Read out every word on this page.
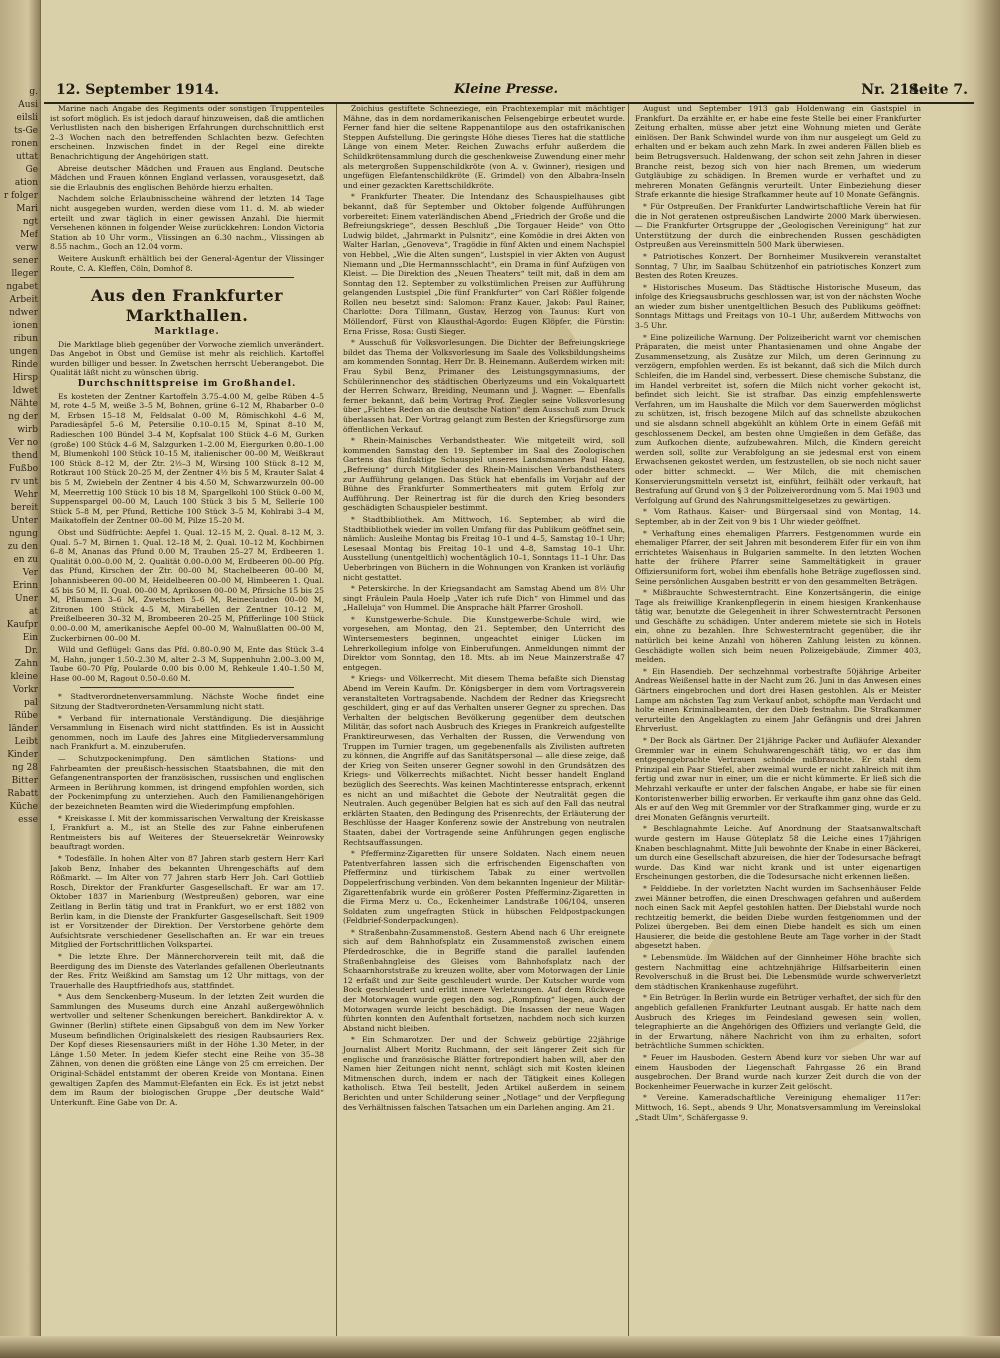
g.
Ausi
eilsli
ts-Ge
ronen
uttat
Ge
ation
r folger
Mari
ngt
Mef
verw
sener
lleger
ngabet
Arbeit
ndwer
ionen
ribun
ungen
Rinde
Hirsp
ldwet
Nähte
ng der
wirb
Ver no
thend
Fußbo
rv unt
Wehr
bereit
Unter
ngung
zu den
en zu
Ver
Erinn
Uner
at
Kaufpr
Ein
Dr.
Zahn
kleine
Vorkr
pal
Rübe
länder
Leibt
Kinder
ng 28
Bitter
Rabatt
Küche
esse
12. September 1914.	Kleine Presse.	Nr. 214.
Seite 7.

Marine nach Angabe des Regiments oder sonstigen Truppenteiles ist sofort möglich. Es ist jedoch darauf hinzuweisen, daß die amtlichen Verlustlisten nach den bisherigen Erfahrungen durchschnittlich erst 2–3 Wochen nach den betreffenden Schlachten bezw. Gefechten erscheinen. Inzwischen findet in der Regel eine direkte Benachrichtigung der Angehörigen statt.

Abreise deutscher Mädchen und Frauen aus England. Deutsche Mädchen und Frauen können England verlassen, vorausgesetzt, daß sie die Erlaubnis des englischen Behörde hierzu erhalten.

Nachdem solche Erlaubnisscheine während der letzten 14 Tage nicht ausgegeben wurden, werden diese vom 11. d. M. ab wieder erteilt und zwar täglich in einer gewissen Anzahl. Die hiermit Versehenen können in folgender Weise zurückkehren: London Victoria Station ab 10 Uhr vorm., Vlissingen an 6.30 nachm., Vlissingen ab 8.55 nachm., Goch an 12.04 vorm.

Weitere Auskunft erhältlich bei der General-Agentur der Vlissinger Route, C. A. Kleffen, Cöln, Domhof 8.

Aus den Frankfurter Markthallen.
Marktlage.

Die Marktlage blieb gegenüber der Vorwoche ziemlich unverändert. Das Angebot in Obst und Gemüse ist mehr als reichlich. Kartoffel wurden billiger und besser. In Zwetschen herrscht Ueberangebot. Die Qualität läßt nicht zu wünschen übrig.

Durchschnittspreise im Großhandel.

Es kosteten der Zentner Kartoffeln 3.75–4.00 M, gelbe Rüben 4–5 M, rote 4–5 M, weiße 3–5 M, Bohnen, grüne 6–12 M, Rhabarber 0–0 M, Erbsen 15–18 M, Feldsalat 0–00 M, Römischkohl 4–6 M, Paradiesäpfel 5–6 M, Petersilie 0.10–0.15 M, Spinat 8–10 M, Radieschen 100 Bündel 3–4 M, Kopfsalat 100 Stück 4–6 M, Gurken (große) 100 Stück 4–6 M, Salzgurken 1–2.00 M, Eiergurken 0.80–1.00 M, Blumenkohl 100 Stück 10–15 M, italienischer 00–00 M, Weißkraut 100 Stück 8–12 M, der Ztr. 2½–3 M, Wirsing 100 Stück 8–12 M, Rotkraut 100 Stück 20–25 M, der Zentner 4½ bis 5 M, Krauter Salat 4 bis 5 M, Zwiebeln der Zentner 4 bis 4.50 M, Schwarzwurzeln 00–00 M, Meerrettig 100 Stück 10 bis 18 M, Spargelkohl 100 Stück 0–00 M, Suppenspargel 00–00 M, Lauch 100 Stück 3 bis 5 M, Sellerie 100 Stück 5–8 M, per Pfund, Rettiche 100 Stück 3–5 M, Kohlrabi 3–4 M, Maikatoffeln der Zentner 00–00 M, Pilze 15–20 M.

Obst und Südfrüchte: Aepfel 1. Qual. 12–15 M, 2. Qual. 8–12 M, 3. Qual. 5–7 M, Birnen 1. Qual. 12–18 M, 2. Qual. 10–12 M, Kochbirnen 6–8 M, Ananas das Pfund 0.00 M, Trauben 25–27 M, Erdbeeren 1. Qualität 0.00–0.00 M, 2. Qualität 0.00–0.00 M, Erdbeeren 00–00 Pfg. das Pfund, Kirschen der Ztr. 00–00 M, Stachelbeeren 00–00 M, Johannisbeeren 00–00 M, Heidelbeeren 00–00 M, Himbeeren 1. Qual. 45 bis 50 M, II. Qual. 00–00 M, Aprikosen 00–00 M, Pfirsiche 15 bis 25 M, Pflaumen 3–6 M, Zwetschen 5–6 M, Reineclauden 00–00 M, Zitronen 100 Stück 4–5 M, Mirabellen der Zentner 10–12 M, Preißelbeeren 30–32 M, Brombeeren 20–25 M, Pfifferlinge 100 Stück 0.00–0.00 M, amerikanische Aepfel 00–00 M, Walnußlatten 00–00 M, Zuckerbirnen 00–00 M.

Wild und Geflügel: Gans das Pfd. 0.80–0.90 M, Ente das Stück 3–4 M, Hahn, junger 1.50–2.30 M, alter 2–3 M, Suppenhuhn 2.00–3.00 M, Taube 60–70 Pfg, Poularde 0.00 bis 0.00 M, Rehkeule 1.40–1.50 M, Hase 00–00 M, Ragout 0.50–0.60 M.

* Stadtverordnetenversammlung. Nächste Woche findet eine Sitzung der Stadtverordneten-Versammlung nicht statt.

* Verband für internationale Verständigung. Die diesjährige Versammlung in Eisenach wird nicht stattfinden. Es ist in Aussicht genommen, noch im Laufe des Jahres eine Mitgliederversammlung nach Frankfurt a. M. einzuberufen.

— Schutzpockenimpfung. Den sämtlichen Stations- und Fahrbeamten der preußisch-hessischen Staatsbahnen, die mit den Gefangenentransporten der französischen, russischen und englischen Armeen in Berührung kommen, ist dringend empfohlen worden, sich der Pockenimpfung zu unterziehen. Auch den Familienangehörigen der bezeichneten Beamten wird die Wiederimpfung empfohlen.

* Kreiskasse I. Mit der kommissarischen Verwaltung der Kreiskasse I, Frankfurt a. M., ist an Stelle des zur Fahne einberufenen Rentmeisters bis auf Weiteres der Steuersekretär Weinrowsky beauftragt worden.

* Todesfälle. In hohen Alter von 87 Jahren starb gestern Herr Karl Jakob Benz, Inhaber des bekannten Uhrengeschäfts auf dem Rößmarkt. — Im Alter von 77 Jahren starb Herr Joh. Carl Gottlieb Rosch, Direktor der Frankfurter Gasgesellschaft. Er war am 17. Oktober 1837 in Marienburg (Westpreußen) geboren, war eine Zeitlang in Berlin tätig und trat in Frankfurt, wo er erst 1882 von Berlin kam, in die Dienste der Frankfurter Gasgesellschaft. Seit 1909 ist er Vorsitzender der Direktion. Der Verstorbene gehörte dem Aufsichtsrate verschiedener Gesellschaften an. Er war ein treues Mitglied der Fortschrittlichen Volkspartei.

* Die letzte Ehre. Der Männerchorverein teilt mit, daß die Beerdigung des im Dienste des Vaterlandes gefallenen Oberleutnants der Res. Fritz Weißkind am Samstag um 12 Uhr mittags, von der Trauerhalle des Hauptfriedhofs aus, stattfindet.

* Aus dem Senckenberg-Museum. In der letzten Zeit wurden die Sammlungen des Museums durch eine Anzahl außergewöhnlich wertvoller und seltener Schenkungen bereichert. Bankdirektor A. v. Gwinner (Berlin) stiftete einen Gipsabguß von dem im New Yorker Museum befindlichen Originalskelett des riesigen Raubsauriers Rex. Der Kopf dieses Riesensauriers mißt in der Höhe 1.30 Meter, in der Länge 1.50 Meter. In jedem Kiefer stecht eine Reihe von 35–38 Zähnen, von denen die größten eine Länge von 25 cm erreichen. Der Original-Schädel entstammt der oberen Kreide von Montana. Einen gewaltigen Zapfen des Mammut-Elefanten ein Eck. Es ist jetzt nebst dem im Raum der biologischen Gruppe „Der deutsche Wald“ Unterkunft. Eine Gabe von Dr. A.

Zoichius gestiftete Schneeziege, ein Prachtexemplar mit mächtiger Mähne, das in dem nordamerikanischen Felsengebirge erbeutet wurde. Ferner fand hier die seltene Rappenantilope aus den ostafrikanischen Steppen Aufstellung. Die geringste Höhe dieses Tieres hat die stattliche Länge von einem Meter. Reichen Zuwachs erfuhr außerdem die Schildkrötensammlung durch die geschenkweise Zuwendung einer mehr als metergroßen Suppenschildkröte (von A. v. Gwinner), riesigen und ungefügen Elefantenschildkröte (E. Grimdel) von den Albabra-Inseln und einer gezackten Karettschildkröte.

* Frankfurter Theater. Die Intendanz des Schauspielhauses gibt bekannt, daß für September und Oktober folgende Aufführungen vorbereitet: Einem vaterländischen Abend „Friedrich der Große und die Befreiungskriege“, dessen Beschluß „Die Torgauer Heide“ von Otto Ludwig bildet, „Jahrmarkt in Pulsnitz“, eine Komödie in drei Akten von Walter Harlan, „Genoveva“, Tragödie in fünf Akten und einem Nachspiel von Hebbel, „Wie die Alten sungen“, Lustspiel in vier Akten von August Niemann und „Die Hermannsschlacht“, ein Drama in fünf Aufzügen von Kleist. — Die Direktion des „Neuen Theaters“ teilt mit, daß in dem am Sonntag den 12. September zu volkstümlichen Preisen zur Aufführung gelangenden Lustspiel „Die fünf Frankfurter“ von Carl Rößler folgende Rollen neu besetzt sind: Salomon: Franz Kauer, Jakob: Paul Rainer, Charlotte: Dora Tillmann, Gustav, Herzog von Taunus: Kurt von Möllendorf, Fürst von Klausthal-Agordo: Eugen Klöpfer, die Fürstin: Erna Frisse, Rosa: Gusti Sieger.

* Ausschuß für Volksvorlesungen. Die Dichter der Befreiungskriege bildet das Thema der Volksvorlesung im Saale des Volksbildungsheims am kommenden Sonntag. Herr Dr. B. Heinemann. Außerdem wirken mit: Frau Sybil Benz, Primaner des Leistungsgymnasiums, der Schülerinnenchor des städtischen Oberlyzeums und ein Vokalquartett der Herren Schwarz, Breiding, Neumann und J. Wagner. — Ebenfalls ferner bekannt, daß beim Vortrag Prof. Ziegler seine Volksvorlesung über „Fichtes Reden an die deutsche Nation“ dem Ausschuß zum Druck überlassen hat. Der Vortrag gelangt zum Besten der Kriegsfürsorge zum öffentlichen Verkauf.

* Rhein-Mainisches Verbandstheater. Wie mitgeteilt wird, soll kommenden Samstag den 19. September im Saal des Zoologischen Gartens das fünfaktige Schauspiel unseres Landsmannes Paul Haag, „Befreiung“ durch Mitglieder des Rhein-Mainischen Verbandstheaters zur Aufführung gelangen. Das Stück hat ebenfalls im Vorjahr auf der Bühne des Frankfurter Sommertheaters mit gutem Erfolg zur Aufführung. Der Reinertrag ist für die durch den Krieg besonders geschädigten Schauspieler bestimmt.

* Stadtbibliothek. Am Mittwoch, 16. September, ab wird die Stadtbibliothek wieder im vollen Umfang für das Publikum geöffnet sein, nämlich: Ausleihe Montag bis Freitag 10–1 und 4–5, Samstag 10–1 Uhr; Lesesaal Montag bis Freitag 10–1 und 4–8, Samstag 10–1 Uhr. Ausstellung (unentgeltlich) wochentäglich 10–1, Sonntags 11–1 Uhr. Das Ueberbringen von Büchern in die Wohnungen von Kranken ist vorläufig nicht gestattet.

* Peterskirche. In der Kriegsandacht am Samstag Abend um 8½ Uhr singt Fräulein Paula Hoelp „Vater ich rufe Dich“ von Himmel und das „Halleluja“ von Hummel. Die Ansprache hält Pfarrer Grosholl.

* Kunstgewerbe-Schule. Die Kunstgewerbe-Schule wird, wie vorgesehen, am Montag, den 21. September, den Unterricht des Wintersemesters beginnen, ungeachtet einiger Lücken im Lehrerkollegium infolge von Einberufungen. Anmeldungen nimmt der Direktor vom Sonntag, den 18. Mts. ab im Neue Mainzerstraße 47 entgegen.

* Kriegs- und Völkerrecht. Mit diesem Thema befaßte sich Dienstag Abend im Verein Kaufm. Dr. Königsberger in dem vom Vortragsverein veranstalteten Vortragsabende. Nachdem der Redner das Kriegsrecht geschildert, ging er auf das Verhalten unserer Gegner zu sprechen. Das Verhalten der belgischen Bevölkerung gegenüber dem deutschen Militär, das sofort nach Ausbruch des Krieges in Frankreich aufgestellte Franktireurwesen, das Verhalten der Russen, die Verwendung von Truppen im Turnier tragen, um gegebenenfalls als Zivilisten auftreten zu können, die Angriffe auf das Sanitätspersonal — alle diese zeige, daß der Krieg von Seiten unserer Gegner sowohl in den Grundsätzen des Kriegs- und Völkerrechts mißachtet. Nicht besser handelt England bezüglich des Seerechts. Was keinen Machtinteresse entsprach, erkennt es nicht an und mißachtet die Gebote der Neutralität gegen die Neutralen. Auch gegenüber Belgien hat es sich auf den Fall das neutral erklärten Staaten, den Bedingung des Prisenrechts, der Erläuterung der Beschlüsse der Haager Konferenz sowie der Anstrebung von neutralen Staaten, dabei der Vortragende seine Anführungen gegen englische Rechtsauffassungen.

* Pfefferminz-Zigaretten für unsere Soldaten. Nach einem neuen Patentverfahren lassen sich die erfrischenden Eigenschaften von Pfefferminz und türkischem Tabak zu einer wertvollen Doppelerfrischung verbinden. Von dem bekannten Ingenieur der Militär-Zigarettenfabrik wurde ein größerer Posten Pfefferminz-Zigaretten in die Firma Merz u. Co., Eckenheimer Landstraße 106/104, unseren Soldaten zum ungefragten Stück in hübschen Feldpostpackungen (Feldbrief-Sonderpackungen).

* Straßenbahn-Zusammenstoß. Gestern Abend nach 6 Uhr ereignete sich auf dem Bahnhofsplatz ein Zusammenstoß zwischen einem Pferdedroschke, die in Begriffe stand die parallel laufenden Straßenbahngleise des Gleises vom Bahnhofsplatz nach der Schaarnhorststraße zu kreuzen wollte, aber vom Motorwagen der Linie 12 erfaßt und zur Seite geschleudert wurde. Der Kutscher wurde vom Bock geschleudert und erlitt innere Verletzungen. Auf dem Rückwege der Motorwagen wurde gegen den sog. „Rompfzug“ liegen, auch der Motorwagen wurde leicht beschädigt. Die Insassen der neue Wagen führten konnten den Aufenthalt fortsetzen, nachdem noch sich kurzen Abstand nicht bleiben.

* Ein Schmarotzer. Der und der Schweiz gebürtige 22jährige Journalist Albert Moritz Ruchmann, der seit längerer Zeit sich für englische und französische Blätter fortrepondiert haben will, aber den Namen hier Zeitungen nicht nennt, schlägt sich mit Kosten kleinen Mitmenschen durch, indem er nach der Tätigkeit eines Kollegen katholisch. Etwa Teil bestellt, Jeden Artikel außerdem in seinem Berichten und unter Schilderung seiner „Notlage“ und der Verpflegung des Verhältnissen falschen Tatsachen um ein Darlehen anging. Am 21.

August und September 1913 gab Holdenwang ein Gastspiel in Frankfurt. Da erzählte er, er habe eine feste Stelle bei einer Frankfurter Zeitung erhalten, müsse aber jetzt eine Wohnung mieten und Geräte einlösen. Der Bank Schwindel wurde von ihm nur ausgelegt um Geld zu erhalten und er bekam auch zehn Mark. In zwei anderen Fällen blieb es beim Betrugsversuch. Haldenwang, der schon seit zehn Jahren in dieser Branche reist, bezog sich von hier nach Bremen, um wiederum Gutgläubige zu schädigen. In Bremen wurde er verhaftet und zu mehreren Monaten Gefängnis verurteilt. Unter Einbeziehung dieser Strafe erkannte die hiesige Strafkammer heute auf 10 Monate Gefängnis.

* Für Ostpreußen. Der Frankfurter Landwirtschaftliche Verein hat für die in Not geratenen ostpreußischen Landwirte 2000 Mark überwiesen. — Die Frankfurter Ortsgruppe der „Geologischen Vereinigung“ hat zur Unterstützung der durch die einbrechenden Russen geschädigten Ostpreußen aus Vereinsmitteln 500 Mark überwiesen.

* Patriotisches Konzert. Der Bornheimer Musikverein veranstaltet Sonntag, 7 Uhr, im Saalbau Schützenhof ein patriotisches Konzert zum Besten des Roten Kreuzes.

* Historisches Museum. Das Städtische Historische Museum, das infolge des Kriegsausbruchs geschlossen war, ist von der nächsten Woche an wieder zum bisher unentgeltlichen Besuch des Publikums geöffnet: Sonntags Mittags und Freitags von 10–1 Uhr, außerdem Mittwochs von 3–5 Uhr.

* Eine polizeiliche Warnung. Der Polizeibericht warnt vor chemischen Präparaten, die meist unter Phantasienamen und ohne Angabe der Zusammensetzung, als Zusätze zur Milch, um deren Gerinnung zu verzögern, empfohlen werden. Es ist bekannt, daß sich die Milch durch Schleifen, die im Handel sind, verbessert. Diese chemische Substanz, die im Handel verbreitet ist, sofern die Milch nicht vorher gekocht ist, befindet sich leicht. Sie ist strafbar. Das einzig empfehlenswerte Verfahren, um im Haushalte die Milch vor dem Sauerwerden möglichst zu schützen, ist, frisch bezogene Milch auf das schnellste abzukochen und sie alsdann schnell abgekühlt an kühlem Orte in einem Gefäß mit geschlossenem Deckel, am besten ohne Umgießen in dem Gefäße, das zum Aufkochen diente, aufzubewahren. Milch, die Kindern gereicht werden soll, sollte zur Verabfolgung an sie jedesmal erst von einem Erwachsenen gekostet werden, um festzustellen, ob sie noch nicht sauer oder bitter schmeckt. — Wer Milch, die mit chemischen Konservierungsmitteln versetzt ist, einführt, feilhält oder verkauft, hat Bestrafung auf Grund von § 3 der Polizeiverordnung vom 5. Mai 1903 und Verfolgung auf Grund des Nahrungsmittelgesetzes zu gewärtigen.

* Vom Rathaus. Kaiser- und Bürgersaal sind von Montag, 14. September, ab in der Zeit von 9 bis 1 Uhr wieder geöffnet.

* Verhaftung eines ehemaligen Pfarrers. Festgenommen wurde ein ehemaliger Pfarrer, der seit Jahren mit besonderem Eifer für ein von ihm errichtetes Waisenhaus in Bulgarien sammelte. In den letzten Wochen hatte der frühere Pfarrer seine Sammeltätigkeit in grauer Offiziersuniform fort, wobei ihm ebenfalls hohe Beträge zugeflossen sind. Seine persönlichen Ausgaben bestritt er von den gesammelten Beträgen.

* Mißbrauchte Schwesterntracht. Eine Konzertsängerin, die einige Tage als freiwillige Krankenpflegerin in einem hiesigen Krankenhause tätig war, benutzte die Gelegenheit in ihrer Schwesterntracht Personen und Geschäfte zu schädigen. Unter anderem mietete sie sich in Hotels ein, ohne zu bezahlen. Ihre Schwesterntracht gegenüber, die ihr natürlich bei keine Anzahl von höheren Zahlung leisten zu können. Geschädigte wollen sich beim neuen Polizeigebäude, Zimmer 403, melden.

* Ein Hasendieb. Der sechzehnmal vorbestrafte 50jährige Arbeiter Andreas Weißensel hatte in der Nacht zum 26. Juni in das Anwesen eines Gärtners eingebrochen und dort drei Hasen gestohlen. Als er Meister Lampe am nächsten Tag zum Verkauf anbot, schöpfte man Verdacht und holte einen Kriminalbeamten, der den Dieb festnahm. Die Strafkammer verurteilte den Angeklagten zu einem Jahr Gefängnis und drei Jahren Ehrverlust.

* Der Bock als Gärtner. Der 21jährige Packer und Aufläufer Alexander Gremmler war in einem Schuhwarengeschäft tätig, wo er das ihm entgegengebrachte Vertrauen schnöde mißbrauchte. Er stahl dem Prinzipal ein Paar Stiefel, aber zweimal wurde er nicht zahlreich mit ihm fertig und zwar nur in einer, um die er nicht kümmerte. Er ließ sich die Mehrzahl verkaufte er unter der falschen Angabe, er habe sie für einen Kontoristenwerber billig erworben. Er verkaufte ihm ganz ohne das Geld. Als er auf den Weg mit Gremmler vor der Strafkammer ging, wurde er zu drei Monaten Gefängnis verurteilt.

* Beschlagnahmte Leiche. Auf Anordnung der Staatsanwaltschaft wurde gestern im Hause Güteplatz 58 die Leiche eines 17jährigen Knaben beschlagnahmt. Mitte Juli bewohnte der Knabe in einer Bäckerei, um durch eine Gesellschaft abzureisen, die hier der Todesursache befragt wurde. Das Kind war nicht krank und ist unter eigenartigen Erscheinungen gestorben, die die Todesursache nicht erkennen ließen.

* Felddiebe. In der vorletzten Nacht wurden im Sachsenhäuser Felde zwei Männer betroffen, die einen Dreschwagen gefahren und außerdem noch einen Sack mit Aepfel gestohlen hatten. Der Diebstahl wurde noch rechtzeitig bemerkt, die beiden Diebe wurden festgenommen und der Polizei übergeben. Bei dem einen Diebe handelt es sich um einen Hausierer, die beide die gestohlene Beute am Tage vorher in der Stadt abgesetzt haben.

* Lebensmüde. Im Wäldchen auf der Ginnheimer Höhe brachte sich gestern Nachmittag eine achtzehnjährige Hilfsarbeiterin einen Revolverschuß in die Brust bei. Die Lebensmüde wurde schwerverletzt dem städtischen Krankenhause zugeführt.

* Ein Betrüger. In Berlin wurde ein Betrüger verhaftet, der sich für den angeblich gefallenen Frankfurter Leutnant ausgab. Er hatte nach dem Ausbruch des Krieges im Feindesland gewesen sein wollen, telegraphierte an die Angehörigen des Offiziers und verlangte Geld, die in der Erwartung, nähere Nachricht von ihm zu erhalten, sofort beträchtliche Summen schickten.

* Feuer im Hausboden. Gestern Abend kurz vor sieben Uhr war auf einem Hausboden der Liegenschaft Fahrgasse 26 ein Brand ausgebrochen. Der Brand wurde nach kurzer Zeit durch die von der Bockenheimer Feuerwache in kurzer Zeit gelöscht.

* Vereine. Kameradschaftliche Vereinigung ehemaliger 117er: Mittwoch, 16. Sept., abends 9 Uhr, Monatsversammlung im Vereinslokal „Stadt Ulm“, Schäfergasse 9.
